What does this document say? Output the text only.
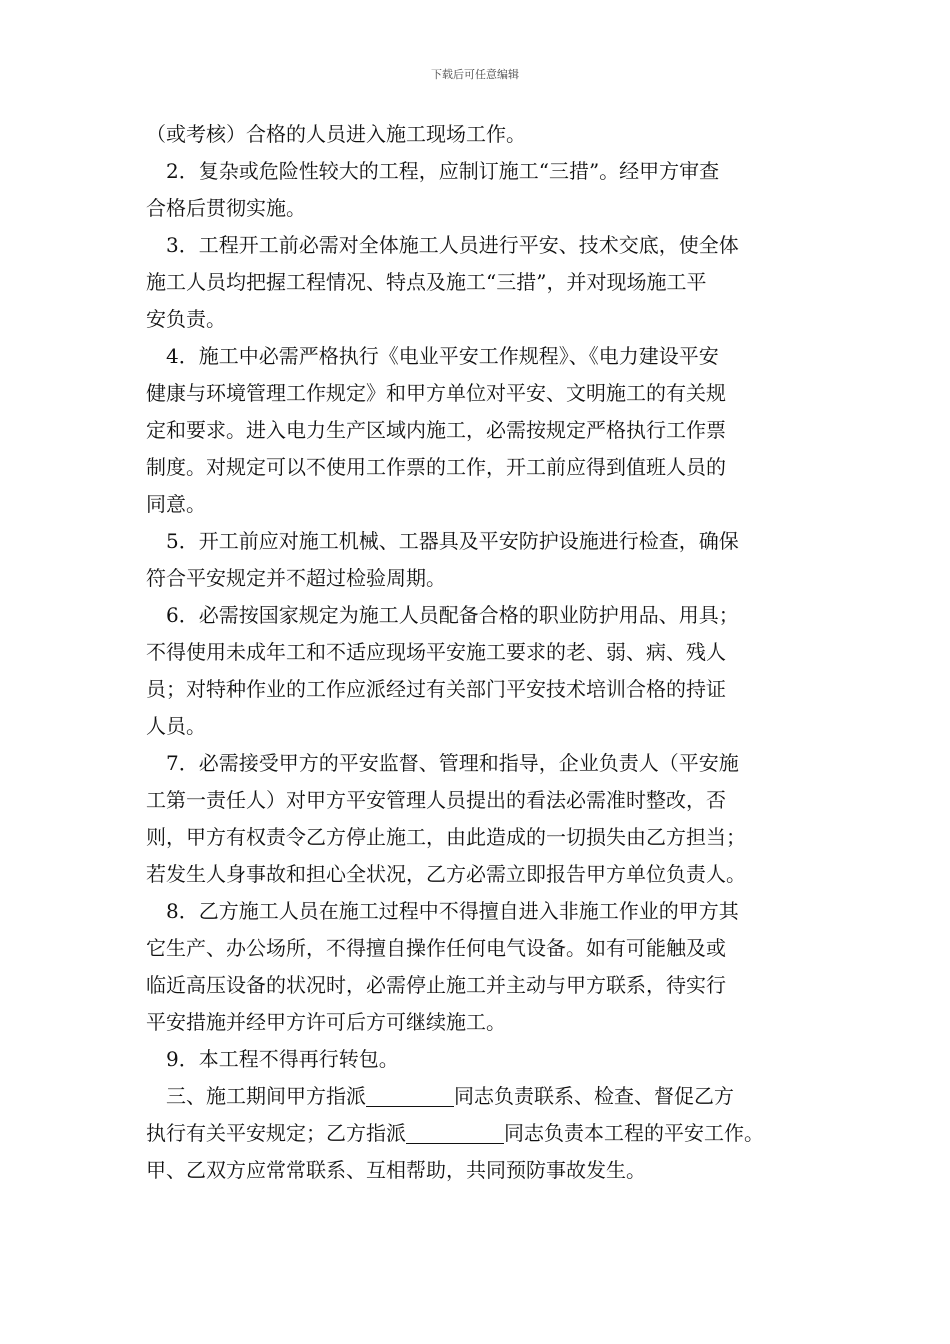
下载后可任意编辑
（或考核）合格的人员进入施工现场工作。
2．复杂或危险性较大的工程，应制订施工“三措”。经甲方审查
合格后贯彻实施。
3．工程开工前必需对全体施工人员进行平安、技术交底，使全体
施工人员均把握工程情况、特点及施工“三措”，并对现场施工平
安负责。
4．施工中必需严格执行《电业平安工作规程》、《电力建设平安
健康与环境管理工作规定》和甲方单位对平安、文明施工的有关规
定和要求。进入电力生产区域内施工，必需按规定严格执行工作票
制度。对规定可以不使用工作票的工作，开工前应得到值班人员的
同意。
5．开工前应对施工机械、工器具及平安防护设施进行检查，确保
符合平安规定并不超过检验周期。
6．必需按国家规定为施工人员配备合格的职业防护用品、用具；
不得使用未成年工和不适应现场平安施工要求的老、弱、病、残人
员；对特种作业的工作应派经过有关部门平安技术培训合格的持证
人员。
7．必需接受甲方的平安监督、管理和指导，企业负责人（平安施
工第一责任人）对甲方平安管理人员提出的看法必需准时整改，否
则，甲方有权责令乙方停止施工，由此造成的一切损失由乙方担当；
若发生人身事故和担心全状况，乙方必需立即报告甲方单位负责人。
8．乙方施工人员在施工过程中不得擅自进入非施工作业的甲方其
它生产、办公场所，不得擅自操作任何电气设备。如有可能触及或
临近高压设备的状况时，必需停止施工并主动与甲方联系，待实行
平安措施并经甲方许可后方可继续施工。
9．本工程不得再行转包。
三、施工期间甲方指派	同志负责联系、检查、督促乙方
执行有关平安规定；乙方指派	同志负责本工程的平安工作。
甲、乙双方应常常联系、互相帮助，共同预防事故发生。
